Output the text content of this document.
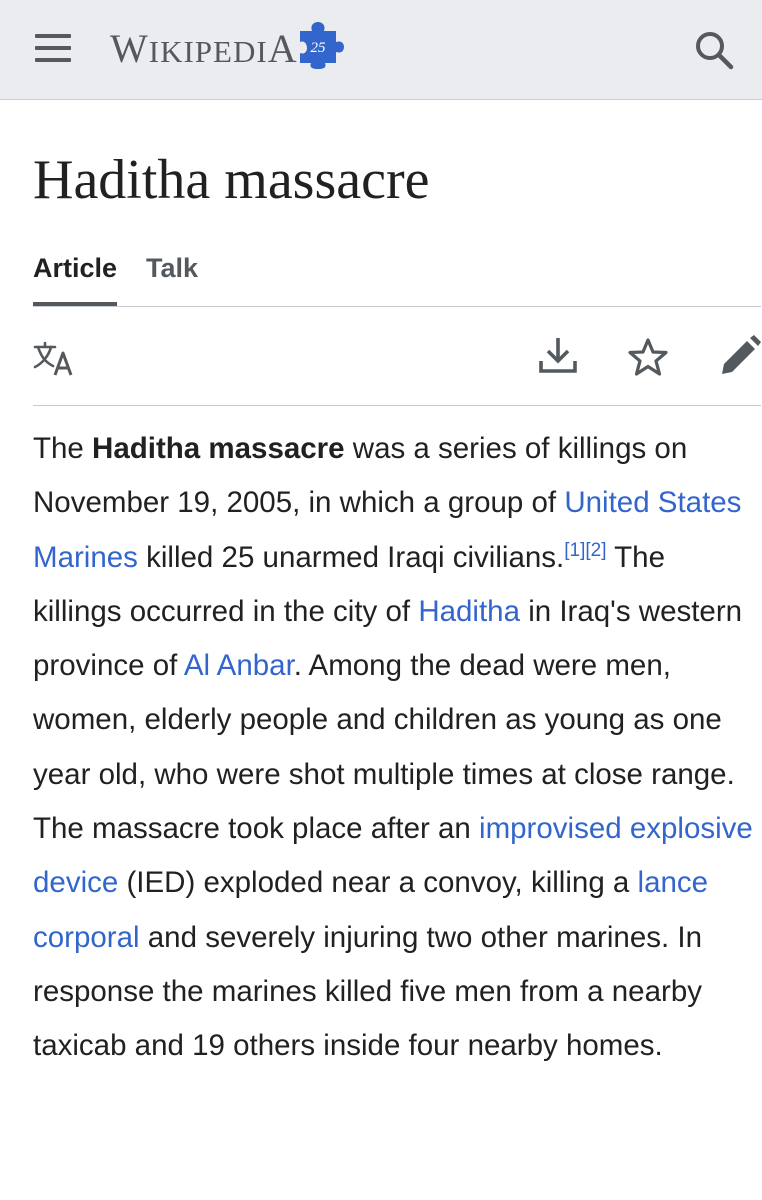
WIKIPEDIA 25
Haditha massacre
Article Talk

The Haditha massacre was a series of killings on November 19, 2005, in which a group of United States Marines killed 25 unarmed Iraqi civilians.[1][2] The killings occurred in the city of Haditha in Iraq's western province of Al Anbar. Among the dead were men, women, elderly people and children as young as one year old, who were shot multiple times at close range. The massacre took place after an improvised explosive device (IED) exploded near a convoy, killing a lance corporal and severely injuring two other marines. In response the marines killed five men from a nearby taxicab and 19 others inside four nearby homes.
